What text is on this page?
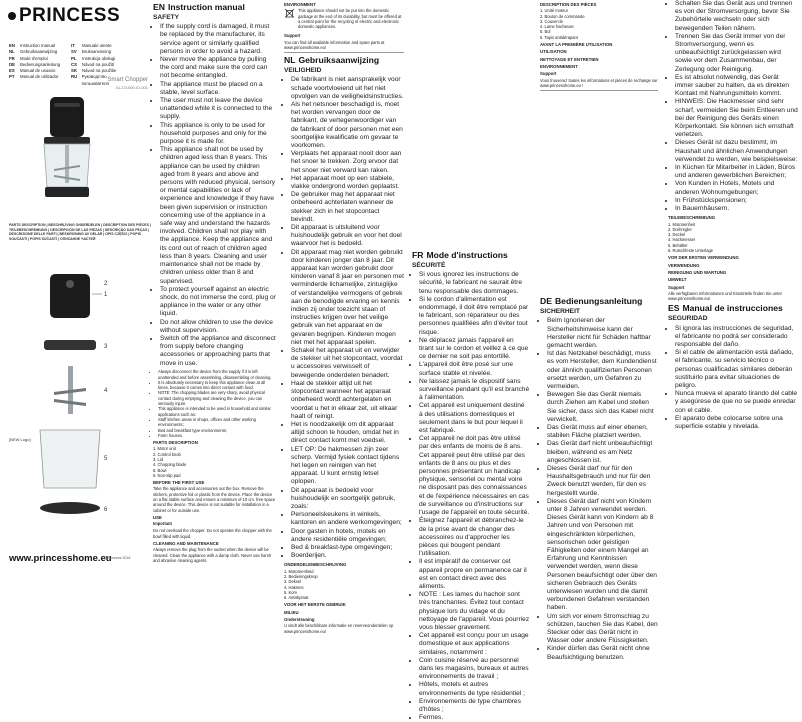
PRINCESS
EN	Instruction manual	IT	Manuale utente
NL	Gebruiksaanwijzing	SV	Bruksanvisning
FR	Mode d'emploi	PL	Instrukcja obsługi
DE	Bedienungsanleitung	CS	Návod na použití
ES	Manual de usuario	SK	Návod na použitie
PT	Manual de utilizador	RU	Руководство пользователя
Smart Chopper
01.221000.01.001
PARTS DESCRIPTION | BESCHRIJVING ONDERDELEN | DESCRIPTION DES PIÈCES | TEILEBESCHREIBUNG | DESCRIPCIÓN DE LAS PIEZAS | DESCRIÇÃO DAS PEÇAS | DESCRIZIONE DELLE PARTI | BESKRIVNING AV DELAR | OPIS CZĘŚCI | POPIS SOUČÁSTÍ | POPIS SÚČASTÍ | ОПИСАНИЕ ЧАСТЕЙ
1
2
3
4
5
6
[NEW Logo]
www.princesshome.eu
© Princess 2018
EN Instruction manual
SAFETY
• If the supply cord is damaged, it must be replaced by the manufacturer, its service agent or similarly qualified persons in order to avoid a hazard.
• Never move the appliance by pulling the cord and make sure the cord can not become entangled.
• The appliance must be placed on a stable, level surface.
• The user must not leave the device unattended while it is connected to the supply.
• This appliance is only to be used for household purposes and only for the purpose it is made for.
• This appliance shall not be used by children aged less than 8 years. This appliance can be used by children aged from 8 years and above and persons with reduced physical, sensory or mental capabilities or lack of experience and knowledge if they have been given supervision or instruction concerning use of the appliance in a safe way and understand the hazards involved. Children shall not play with the appliance. Keep the appliance and its cord out of reach of children aged less than 8 years. Cleaning and user maintenance shall not be made by children unless older than 8 and supervised.
• To protect yourself against an electric shock, do not immerse the cord, plug or appliance in the water or any other liquid.
• Do not allow children to use the device without supervision.
• Switch off the appliance and disconnect from supply before changing accessories or approaching parts that move in use.
• Always disconnect the device from the supply if it is left unattended and before assembling, disassembling or cleaning.
• It is absolutely necessary to keep this appliance clean at all times, because it comes into direct contact with food.
• NOTE: The chopping blades are very sharp, avoid physical contact during emptying and cleaning the device, you can seriously injure.
• This appliance is intended to be used in household and similar applications such as:
• Staff kitchen areas in shops, offices and other working environments;
• Bed and breakfast type environments;
• Farm houses.
PARTS DESCRIPTION
1. Motor unit
2. Control knob
3. Lid
4. Chopping blade
5. Bowl
6. Non-slip pad
BEFORE THE FIRST USE

Take the appliance and accessories out the box. Remove the stickers, protective foil or plastic from the device. Place the device on a flat stable surface and ensure a minimum of 10 cm. free space around the device. This device is not suitable for installation in a cabinet or for outside use.

USE

Important

Do not overload the chopper. Do not operate the chopper with the bowl filled with liquid.

CLEANING AND MAINTENANCE

Always remove the plug from the socket when the device will be cleaned. Clean the appliance with a damp cloth. Never use harsh and abrasive cleaning agents.

ENVIRONMENT

This appliance should not be put into the domestic garbage at the end of its durability, but must be offered at a central point for the recycling of electric and electronic domestic appliances.

Support

You can find all available information and spare parts at www.princesshome.eu!

NL Gebruiksaanwijzing
VEILIGHEID
• De fabrikant is niet aansprakelijk voor schade voortvloeiend uit het niet opvolgen van de veiligheidsinstructies.
• Als het netsnoer beschadigd is, moet het worden vervangen door de fabrikant, de vertegenwoordiger van de fabrikant of door personen met een soortgelijke kwalificatie om gevaar te voorkomen.
• Verplaats het apparaat nooit door aan het snoer te trekken. Zorg ervoor dat het snoer niet verward kan raken.
• Het apparaat moet op een stabiele, vlakke ondergrond worden geplaatst.
• De gebruiker mag het apparaat niet onbeheerd achterlaten wanneer de stekker zich in het stopcontact bevindt.
• Dit apparaat is uitsluitend voor huishoudelijk gebruik en voor het doel waarvoor het is bedoeld.
• Dit apparaat mag niet worden gebruikt door kinderen jonger dan 8 jaar. Dit apparaat kan worden gebruikt door kinderen vanaf 8 jaar en personen met verminderde lichamelijke, zintuiglijke of verstandelijke vermogens of gebrek aan de benodigde ervaring en kennis indien zij onder toezicht staan of instructies krijgen over het veilige gebruik van het apparaat en de gevaren begrijpen. Kinderen mogen niet met het apparaat spelen.
• Schakel het apparaat uit en verwijder de stekker uit het stopcontact, voordat u accessoires verwisselt of bewegende onderdelen benadert.
• Haal de stekker altijd uit het stopcontact wanneer het apparaat onbeheerd wordt achtergelaten en voordat u het in elkaar zet, uit elkaar haalt of reinigt.
• Het is noodzakelijk om dit apparaat altijd schoon te houden, omdat het in direct contact komt met voedsel.
• LET OP: De hakmessen zijn zeer scherp. Vermijd fysiek contact tijdens het legen en reinigen van het apparaat. U kunt ernstig letsel oplopen.
• Dit apparaat is bedoeld voor huishoudelijk en soortgelijk gebruik, zoals:
• Personeelskeukens in winkels, kantoren en andere werkomgevingen;
• Door gasten in hotels, motels en andere residentiële omgevingen;
• Bed & breakfast-type omgevingen;
• Boerderijen.
ONDERDELENBESCHRIJVING
1. Motoreenheid
2. Bedieningsknop
3. Deksel
4. Hakmes
5. Kom
6. Antislipmat
VOOR HET EERSTE GEBRUIK
MILIEU
Ondersteuning

U vindt alle beschikbare informatie en reserveonderdelen op www.princesshome.eu!

FR Mode d'instructions
SÉCURITÉ
• Si vous ignorez les instructions de sécurité, le fabricant ne saurait être tenu responsable des dommages.
• Si le cordon d'alimentation est endommagé, il doit être remplacé par le fabricant, son réparateur ou des personnes qualifiées afin d'éviter tout risque.
• Ne déplacez jamais l'appareil en tirant sur le cordon et veillez à ce que ce dernier ne soit pas entortillé.
• L'appareil doit être posé sur une surface stable et nivelée.
• Ne laissez jamais le dispositif sans surveillance pendant qu'il est branché à l'alimentation.
• Cet appareil est uniquement destiné à des utilisations domestiques et seulement dans le but pour lequel il est fabriqué.
• Cet appareil ne doit pas être utilisé par des enfants de moins de 8 ans. Cet appareil peut être utilisé par des enfants de 8 ans ou plus et des personnes présentant un handicap physique, sensoriel ou mental voire ne disposant pas des connaissances et de l'expérience nécessaires en cas de surveillance ou d'instructions sur l'usage de l'appareil en toute sécurité.
• Éteignez l'appareil et débranchez-le de la prise avant de changer des accessoires ou d'approcher les pièces qui bougent pendant l'utilisation.
• Il est impératif de conserver cet appareil propre en permanence car il est en contact direct avec des aliments.
• NOTE : Les lames du hachoir sont très tranchantes. Évitez tout contact physique lors du vidage et du nettoyage de l'appareil. Vous pourriez vous blesser gravement.
• Cet appareil est conçu pour un usage domestique et aux applications similaires, notamment :
• Coin cuisine réservé au personnel dans les magasins, bureaux et autres environnements de travail ;
• Hôtels, motels et autres environnements de type résidentiel ;
• Environnements de type chambres d'hôtes ;
• Fermes.
DESCRIPTION DES PIÈCES
1. Unité moteur
2. Bouton de commande
3. Couvercle
4. Lame hacheuse
5. Bol
6. Tapis antidérapant
AVANT LA PREMIÈRE UTILISATION
UTILISATION
NETTOYAGE ET ENTRETIEN
ENVIRONNEMENT
Support

Vous trouverez toutes les informations et pièces de rechange sur www.princesshome.eu !

DE Bedienungsanleitung
SICHERHEIT
• Beim Ignorieren der Sicherheitshinweise kann der Hersteller nicht für Schäden haftbar gemacht werden.
• Ist das Netzkabel beschädigt, muss es vom Hersteller, dem Kundendienst oder ähnlich qualifizierten Personen ersetzt werden, um Gefahren zu vermeiden.
• Bewegen Sie das Gerät niemals durch Ziehen am Kabel und stellen Sie sicher, dass sich das Kabel nicht verwickelt.
• Das Gerät muss auf einer ebenen, stabilen Fläche platziert werden.
• Das Gerät darf nicht unbeaufsichtigt bleiben, während es am Netz angeschlossen ist.
• Dieses Gerät darf nur für den Haushaltsgebrauch und nur für den Zweck benutzt werden, für den es hergestellt wurde.
• Dieses Gerät darf nicht von Kindern unter 8 Jahren verwendet werden. Dieses Gerät kann von Kindern ab 8 Jahren und von Personen mit eingeschränkten körperlichen, sensorischen oder geistigen Fähigkeiten oder einem Mangel an Erfahrung und Kenntnissen verwendet werden, wenn diese Personen beaufsichtigt oder über den sicheren Gebrauch des Geräts unterwiesen wurden und die damit verbundenen Gefahren verstanden haben.
• Um sich vor einem Stromschlag zu schützen, tauchen Sie das Kabel, den Stecker oder das Gerät nicht in Wasser oder andere Flüssigkeiten.
• Kinder dürfen das Gerät nicht ohne Beaufsichtigung benutzen.
• Schalten Sie das Gerät aus und trennen es von der Stromversorgung, bevor Sie Zubehörteile wechseln oder sich bewegenden Teilen nähern.
• Trennen Sie das Gerät immer von der Stromversorgung, wenn es unbeaufsichtigt zurückgelassen wird sowie vor dem Zusammenbau, der Zerlegung oder Reinigung.
• Es ist absolut notwendig, das Gerät immer sauber zu halten, da es direkten Kontakt mit Nahrungsmitteln kommt.
• HINWEIS: Die Hackmesser sind sehr scharf, vermeiden Sie beim Entleeren und bei der Reinigung des Geräts einen Körperkontakt. Sie können sich ernsthaft verletzen.
• Dieses Gerät ist dazu bestimmt, im Haushalt und ähnlichen Anwendungen verwendet zu werden, wie beispielsweise:
• In Küchen für Mitarbeiter in Läden, Büros und anderen gewerblichen Bereichen;
• Von Kunden in Hotels, Motels und anderen Wohnumgebungen;
• In Frühstückspensionen;
• In Bauernhäusern.
TEILEBESCHREIBUNG
1. Motoreinheit
2. Drehregler
3. Deckel
4. Hackmesser
5. Behälter
6. Rutschfeste Unterlage
VOR DER ERSTEN VERWENDUNG
VERWENDUNG
REINIGUNG UND WARTUNG
UMWELT
Support

Alle verfügbaren Informationen und Ersatzteile finden Sie unter www.princesshome.eu!

ES Manual de instrucciones
SEGURIDAD
• Si ignora las instrucciones de seguridad, el fabricante no podrá ser considerado responsable del daño.
• Si el cable de alimentación está dañado, el fabricante, su servicio técnico o personas cualificadas similares deberán sustituirlo para evitar situaciones de peligro.
• Nunca mueva el aparato tirando del cable y asegúrese de que no se puede enredar con el cable.
• El aparato debe colocarse sobre una superficie estable y nivelada.
